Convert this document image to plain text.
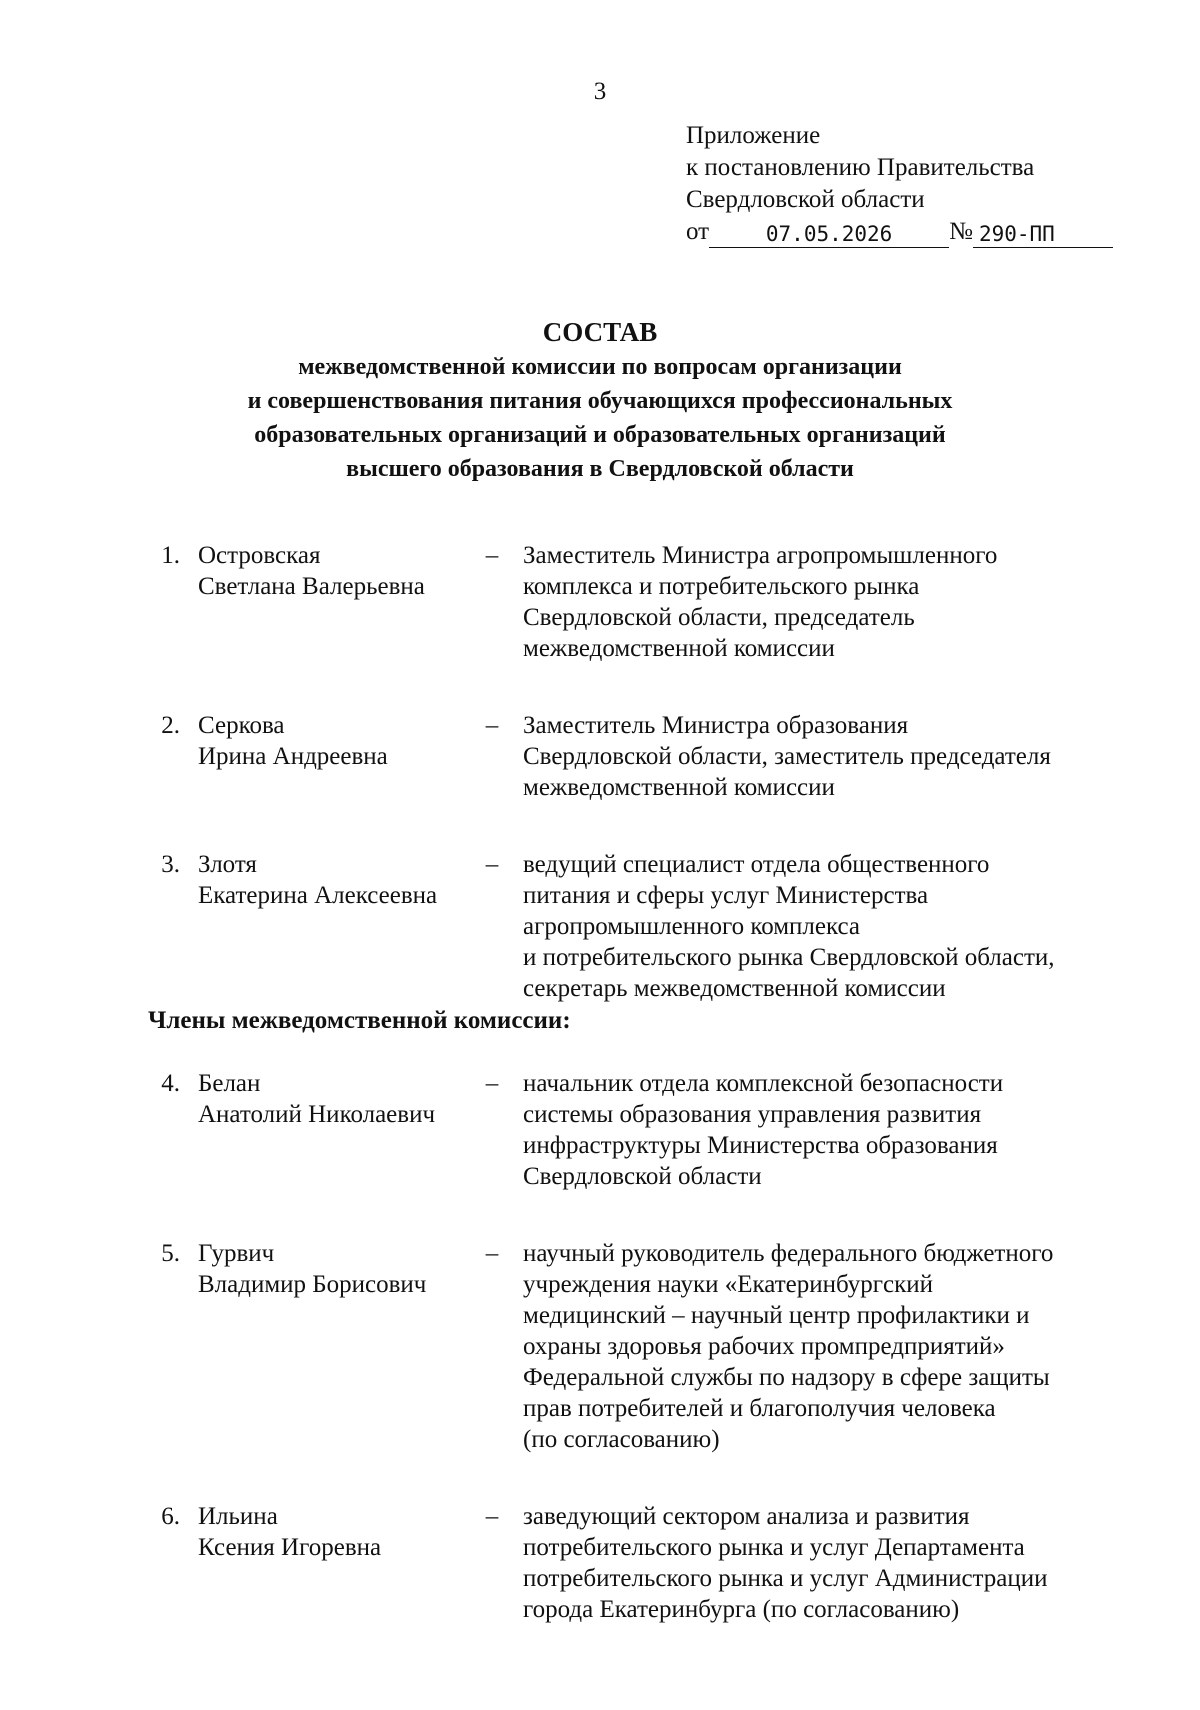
3
Приложение
к постановлению Правительства
Свердловской области
от	07.05.2026	№ 290-ПП
СОСТАВ
межведомственной комиссии по вопросам организации
и совершенствования питания обучающихся профессиональных
образовательных организаций и образовательных организаций
высшего образования в Свердловской области
1. Островская
Светлана Валерьевна
– Заместитель Министра агропромышленного
комплекса и потребительского рынка
Свердловской области, председатель
межведомственной комиссии
2. Серкова
Ирина Андреевна
– Заместитель Министра образования
Свердловской области, заместитель председателя
межведомственной комиссии
3. Злотя
Екатерина Алексеевна
– ведущий специалист отдела общественного
питания и сферы услуг Министерства
агропромышленного комплекса
и потребительского рынка Свердловской области,
секретарь межведомственной комиссии
Члены межведомственной комиссии:
4. Белан
Анатолий Николаевич
– начальник отдела комплексной безопасности
системы образования управления развития
инфраструктуры Министерства образования
Свердловской области
5. Гурвич
Владимир Борисович
– научный руководитель федерального бюджетного
учреждения науки «Екатеринбургский
медицинский – научный центр профилактики и
охраны здоровья рабочих промпредприятий»
Федеральной службы по надзору в сфере защиты
прав потребителей и благополучия человека
(по согласованию)
6. Ильина
Ксения Игоревна
– заведующий сектором анализа и развития
потребительского рынка и услуг Департамента
потребительского рынка и услуг Администрации
города Екатеринбурга (по согласованию)
